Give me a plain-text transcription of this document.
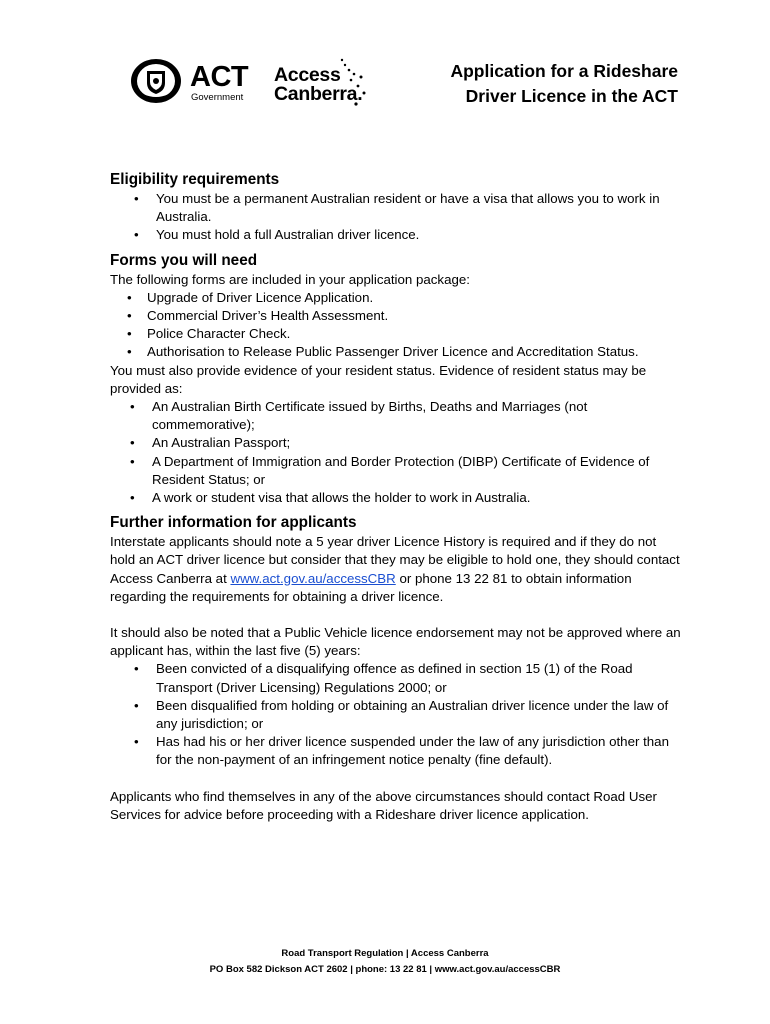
ACT
Government
Access
Canberra.
Application for a Rideshare
Driver Licence in the ACT
Eligibility requirements
• You must be a permanent Australian resident or have a visa that allows you to work in Australia.
• You must hold a full Australian driver licence.
Forms you will need

The following forms are included in your application package:

• Upgrade of Driver Licence Application.
• Commercial Driver’s Health Assessment.
• Police Character Check.
• Authorisation to Release Public Passenger Driver Licence and Accreditation Status.

You must also provide evidence of your resident status. Evidence of resident status may be provided as:

• An Australian Birth Certificate issued by Births, Deaths and Marriages (not commemorative);
• An Australian Passport;
• A Department of Immigration and Border Protection (DIBP) Certificate of Evidence of Resident Status; or
• A work or student visa that allows the holder to work in Australia.
Further information for applicants

Interstate applicants should note a 5 year driver Licence History is required and if they do not hold an ACT driver licence but consider that they may be eligible to hold one, they should contact Access Canberra at www.act.gov.au/accessCBR or phone 13 22 81 to obtain information regarding the requirements for obtaining a driver licence.

It should also be noted that a Public Vehicle licence endorsement may not be approved where an applicant has, within the last five (5) years:

• Been convicted of a disqualifying offence as defined in section 15 (1) of the Road Transport (Driver Licensing) Regulations 2000; or
• Been disqualified from holding or obtaining an Australian driver licence under the law of any jurisdiction; or
• Has had his or her driver licence suspended under the law of any jurisdiction other than for the non-payment of an infringement notice penalty (fine default).

Applicants who find themselves in any of the above circumstances should contact Road User Services for advice before proceeding with a Rideshare driver licence application.

Road Transport Regulation | Access Canberra
PO Box 582 Dickson ACT 2602 | phone: 13 22 81 | www.act.gov.au/accessCBR
